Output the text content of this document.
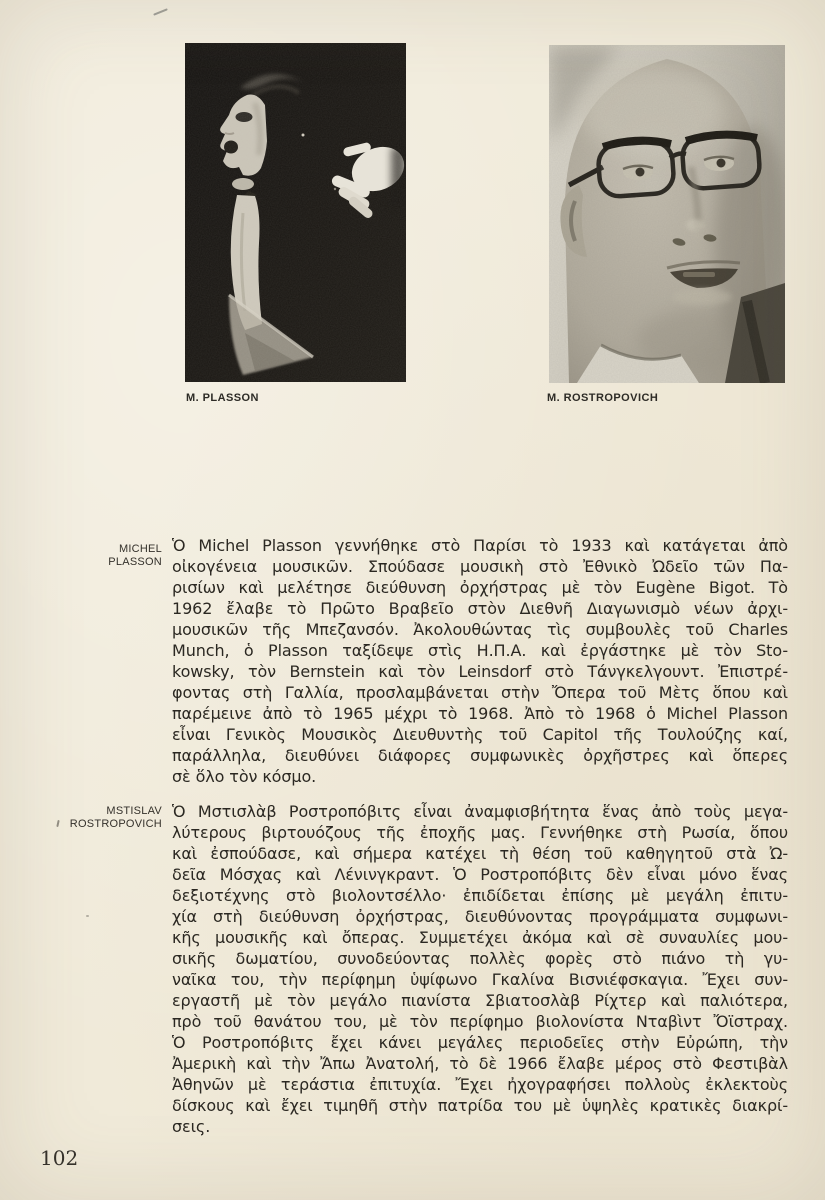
M. PLASSON	M. ROSTROPOVICH
MICHEL
PLASSON
Ὁ Michel Plasson γεννήθηκε στὸ Παρίσι τὸ 1933 καὶ κατάγεται ἀπὸ
οἰκογένεια μουσικῶν. Σπούδασε μουσικὴ στὸ Ἐθνικὸ Ὠδεῖο τῶν Πα-
ρισίων καὶ μελέτησε διεύθυνση ὀρχήστρας μὲ τὸν Eugène Bigot. Τὸ
1962 ἔλαβε τὸ Πρῶτο Βραβεῖο στὸν Διεθνῆ Διαγωνισμὸ νέων ἀρχι-
μουσικῶν τῆς Μπεζανσόν. Ἀκολουθώντας τὶς συμβουλὲς τοῦ Charles
Munch, ὁ Plasson ταξίδεψε στὶς Η.Π.Α. καὶ ἐργάστηκε μὲ τὸν Sto-
kowsky, τὸν Bernstein καὶ τὸν Leinsdorf στὸ Τάνγκελγουντ. Ἐπιστρέ-
φοντας στὴ Γαλλία, προσλαμβάνεται στὴν Ὄπερα τοῦ Μὲτς ὅπου καὶ
παρέμεινε ἀπὸ τὸ 1965 μέχρι τὸ 1968. Ἀπὸ τὸ 1968 ὁ Michel Plasson
εἶναι Γενικὸς Μουσικὸς Διευθυντὴς τοῦ Capitol τῆς Τουλούζης καί,
παράλληλα, διευθύνει διάφορες συμφωνικὲς ὀρχῆστρες καὶ ὅπερες
σὲ ὅλο τὸν κόσμο.
MSTISLAV
ROSTROPOVICH
Ὁ Μστισλὰβ Ροστροπόβιτς εἶναι ἀναμφισβήτητα ἕνας ἀπὸ τοὺς μεγα-
λύτερους βιρτουόζους τῆς ἐποχῆς μας. Γεννήθηκε στὴ Ρωσία, ὅπου
καὶ ἐσπούδασε, καὶ σήμερα κατέχει τὴ θέση τοῦ καθηγητοῦ στὰ Ὠ-
δεῖα Μόσχας καὶ Λένινγκραντ. Ὁ Ροστροπόβιτς δὲν εἶναι μόνο ἕνας
δεξιοτέχνης στὸ βιολοντσέλλο· ἐπιδίδεται ἐπίσης μὲ μεγάλη ἐπιτυ-
χία στὴ διεύθυνση ὀρχήστρας, διευθύνοντας προγράμματα συμφωνι-
κῆς μουσικῆς καὶ ὄπερας. Συμμετέχει ἀκόμα καὶ σὲ συναυλίες μου-
σικῆς δωματίου, συνοδεύοντας πολλὲς φορὲς στὸ πιάνο τὴ γυ-
ναῖκα του, τὴν περίφημη ὑψίφωνο Γκαλίνα Βισνιέφσκαγια. Ἔχει συν-
εργαστῆ μὲ τὸν μεγάλο πιανίστα Σβιατοσλὰβ Ρίχτερ καὶ παλιότερα,
πρὸ τοῦ θανάτου του, μὲ τὸν περίφημο βιολονίστα Νταβὶντ Ὄϊστραχ.
Ὁ Ροστροπόβιτς ἔχει κάνει μεγάλες περιοδεῖες στὴν Εὐρώπη, τὴν
Ἀμερικὴ καὶ τὴν Ἄπω Ἀνατολή, τὸ δὲ 1966 ἔλαβε μέρος στὸ Φεστιβὰλ
Ἀθηνῶν μὲ τεράστια ἐπιτυχία. Ἔχει ἠχογραφήσει πολλοὺς ἐκλεκτοὺς
δίσκους καὶ ἔχει τιμηθῆ στὴν πατρίδα του μὲ ὑψηλὲς κρατικὲς διακρί-
σεις.
102
